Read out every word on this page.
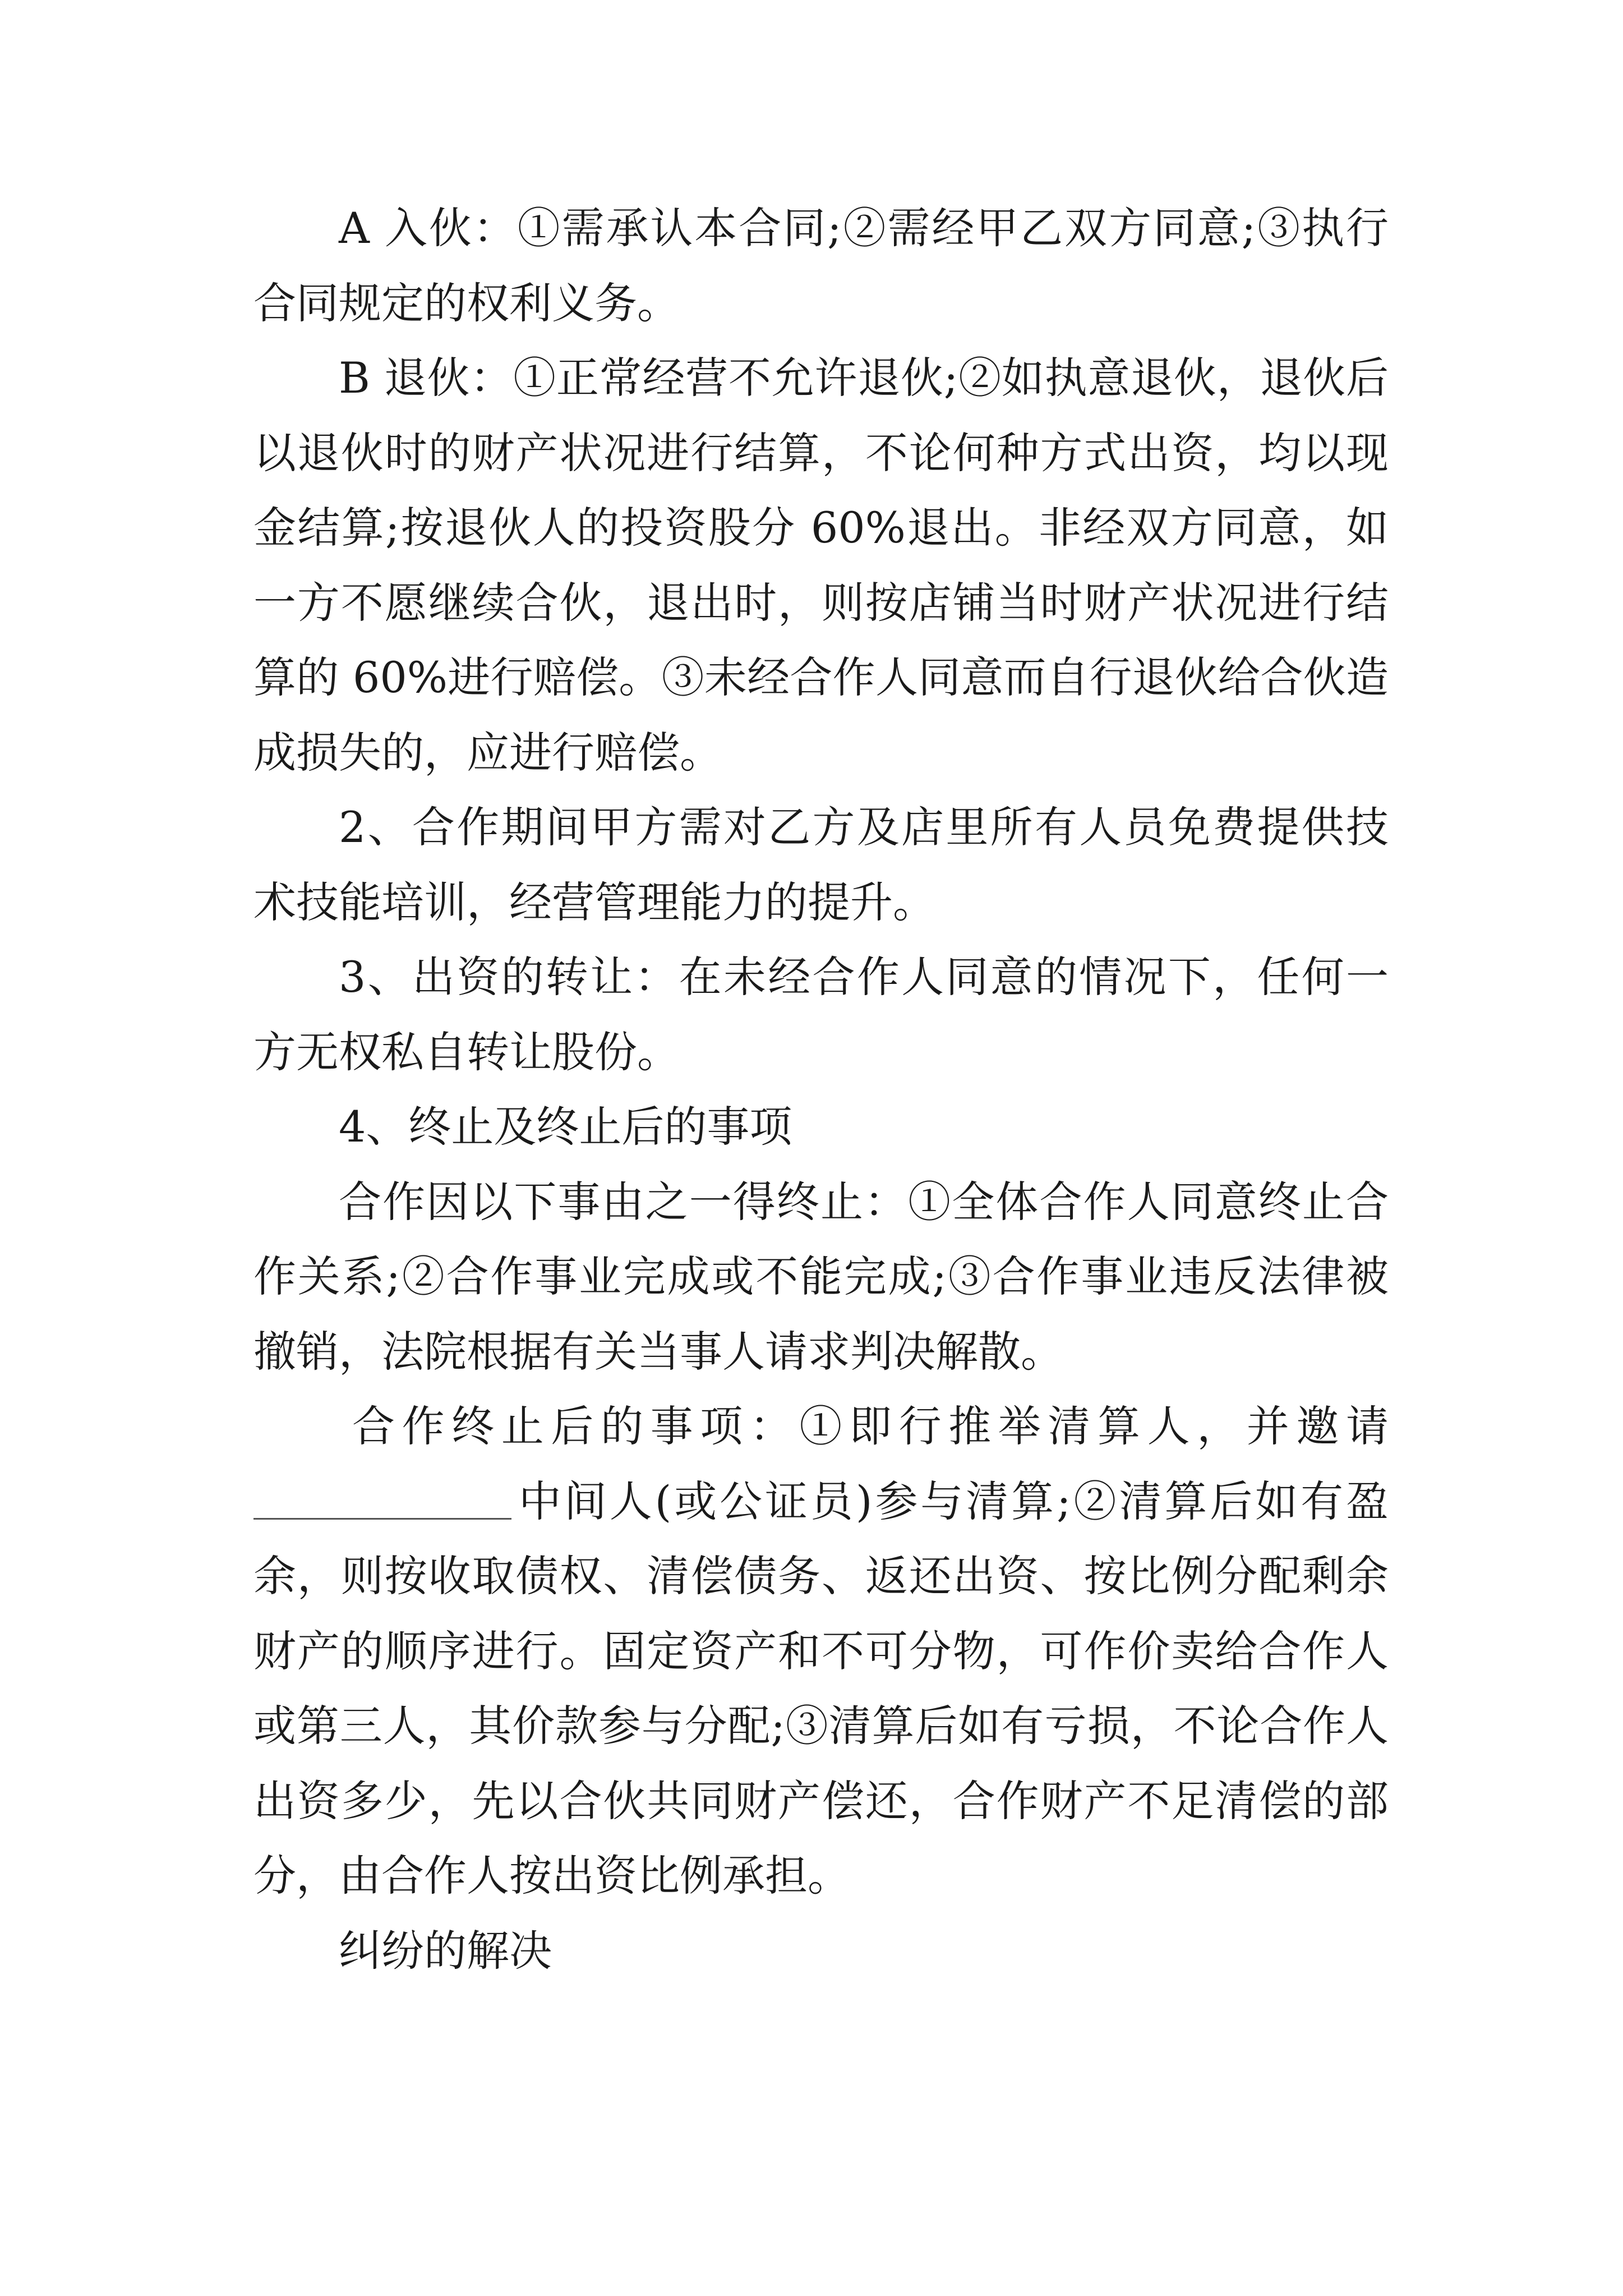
A 入伙：①需承认本合同;②需经甲乙双方同意;③执行合同规定的权利义务。

B 退伙：①正常经营不允许退伙;②如执意退伙，退伙后以退伙时的财产状况进行结算，不论何种方式出资，均以现金结算;按退伙人的投资股分 60%退出。非经双方同意，如一方不愿继续合伙，退出时，则按店铺当时财产状况进行结算的 60%进行赔偿。③未经合作人同意而自行退伙给合伙造成损失的，应进行赔偿。

2、合作期间甲方需对乙方及店里所有人员免费提供技术技能培训，经营管理能力的提升。

3、出资的转让：在未经合作人同意的情况下，任何一方无权私自转让股份。

4、终止及终止后的事项

合作因以下事由之一得终止：①全体合作人同意终止合作关系;②合作事业完成或不能完成;③合作事业违反法律被撤销，法院根据有关当事人请求判决解散。

合作终止后的事项：①即行推举清算人，并邀请中间人(或公证员)参与清算;②清算后如有盈余，则按收取债权、清偿债务、返还出资、按比例分配剩余财产的顺序进行。固定资产和不可分物，可作价卖给合作人或第三人，其价款参与分配;③清算后如有亏损，不论合作人出资多少，先以合伙共同财产偿还，合作财产不足清偿的部分，由合作人按出资比例承担。

纠纷的解决
